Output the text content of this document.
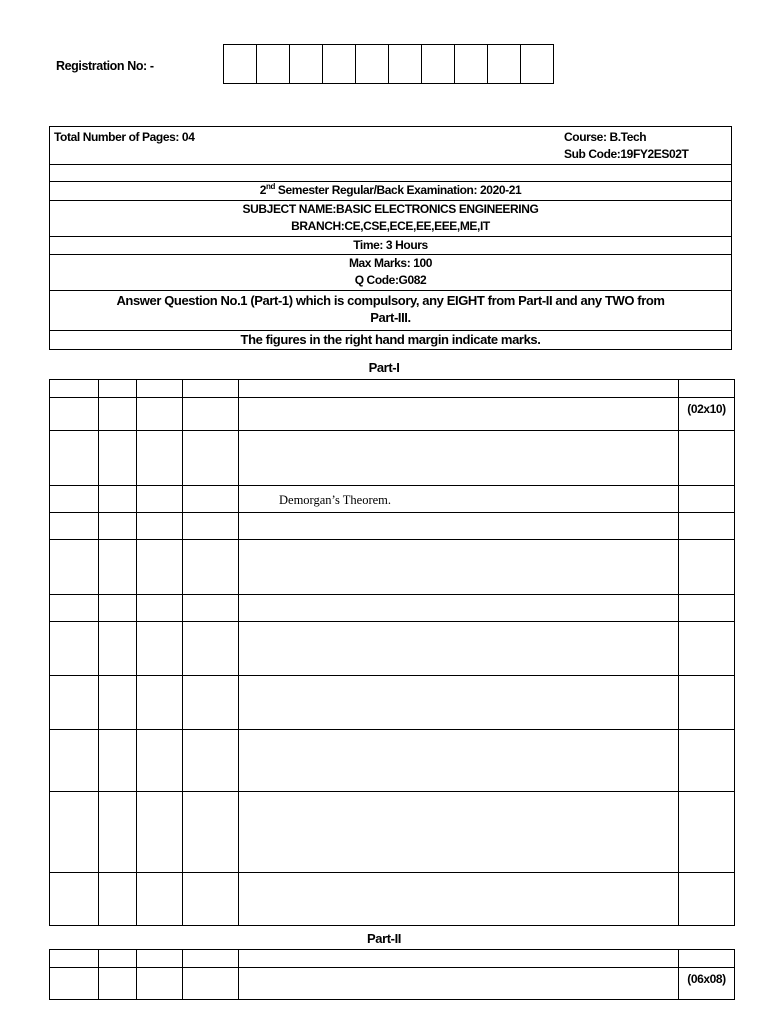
Registration No: -
Total Number of Pages: 04	Course: B.Tech
Sub Code:19FY2ES02T
2nd Semester Regular/Back Examination: 2020-21
SUBJECT NAME:BASIC ELECTRONICS ENGINEERING
BRANCH:CE,CSE,ECE,EE,EEE,ME,IT
Time: 3 Hours
Max Marks: 100
Q Code:G082
Answer Question No.1 (Part-1) which is compulsory, any EIGHT from Part-II and any TWO from
Part-III.
The figures in the right hand margin indicate marks.
Part-I

					(02x10)

				Demorgan’s Theorem.	

Part-II

					(06x08)
